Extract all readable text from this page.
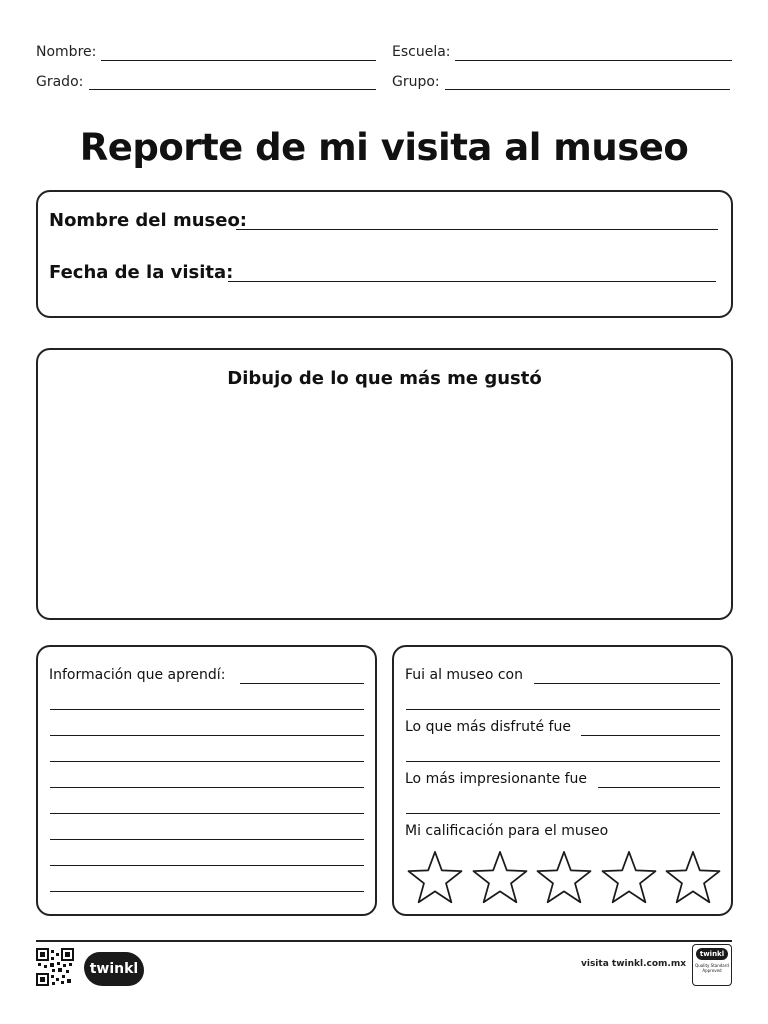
Nombre:	Escuela:
Grado:	Grupo:
Reporte de mi visita al museo
Nombre del museo:
Fecha de la visita:
Dibujo de lo que más me gustó
Información que aprendí:	Fui al museo con
Lo que más disfruté fue
Lo más impresionante fue
Mi calificación para el museo
twinkl	visita twinkl.com.mx
twinkl
Quality Standard Approved
